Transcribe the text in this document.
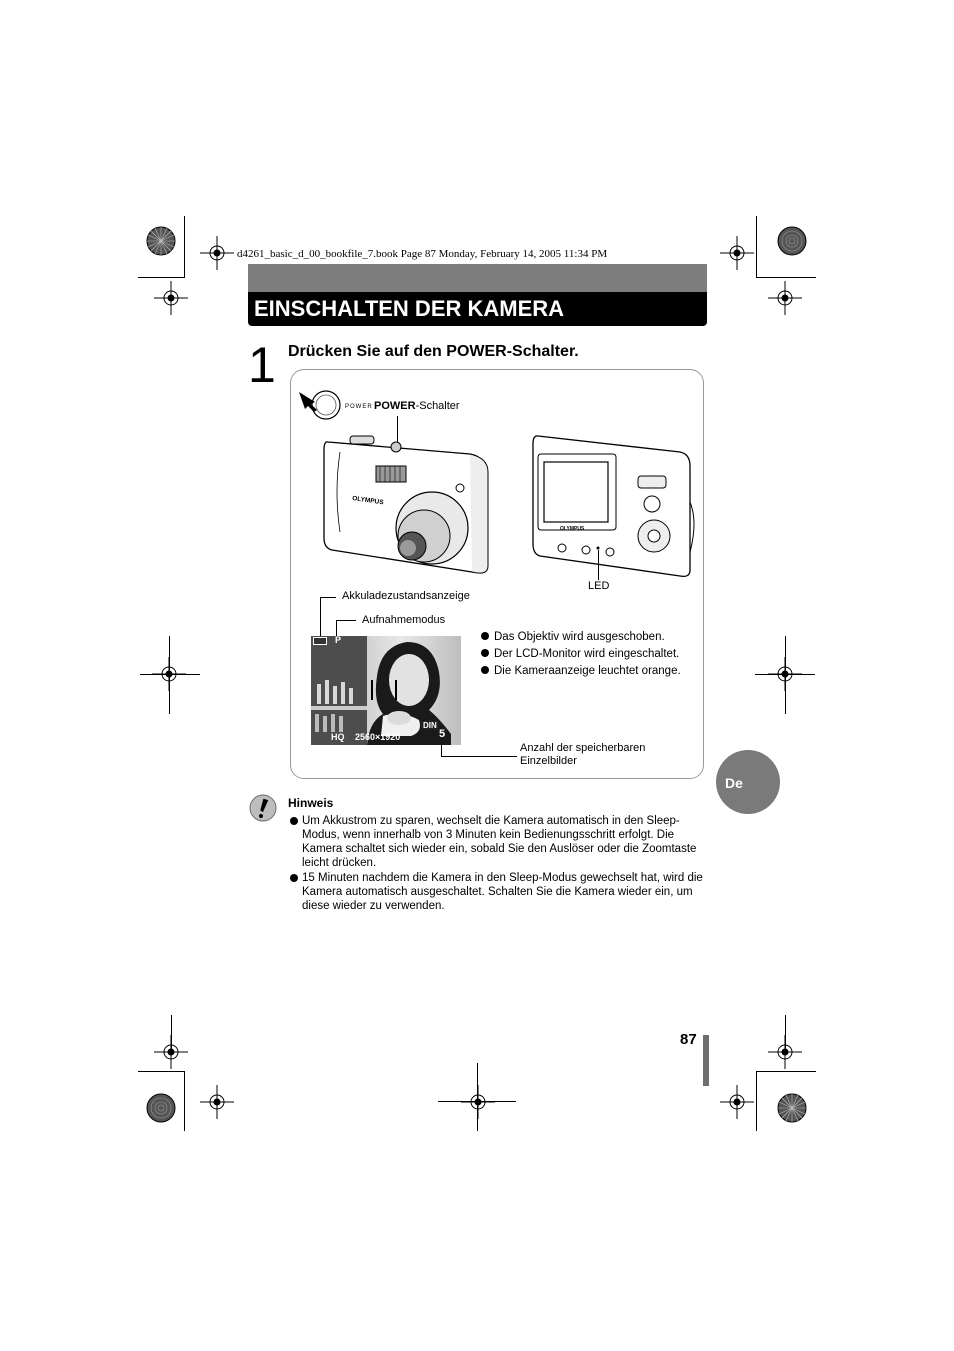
d4261_basic_d_00_bookfile_7.book Page 87 Monday, February 14, 2005 11:34 PM
EINSCHALTEN DER KAMERA
1 Drücken Sie auf den POWER-Schalter.
POWER POWER-Schalter
OLYMPUS
OLYMPUS
LED
Akkuladezustandsanzeige
Aufnahmemodus
P
DIN
HQ 2560×1920	5
Anzahl der speicherbaren
Einzelbilder
Das Objektiv wird ausgeschoben.
Der LCD-Monitor wird eingeschaltet.
Die Kameraanzeige leuchtet orange.
De
Hinweis
Um Akkustrom zu sparen, wechselt die Kamera automatisch in den Sleep-Modus, wenn innerhalb von 3 Minuten kein Bedienungsschritt erfolgt. Die Kamera schaltet sich wieder ein, sobald Sie den Auslöser oder die Zoomtaste leicht drücken.
15 Minuten nachdem die Kamera in den Sleep-Modus gewechselt hat, wird die Kamera automatisch ausgeschaltet. Schalten Sie die Kamera wieder ein, um diese wieder zu verwenden.
87
